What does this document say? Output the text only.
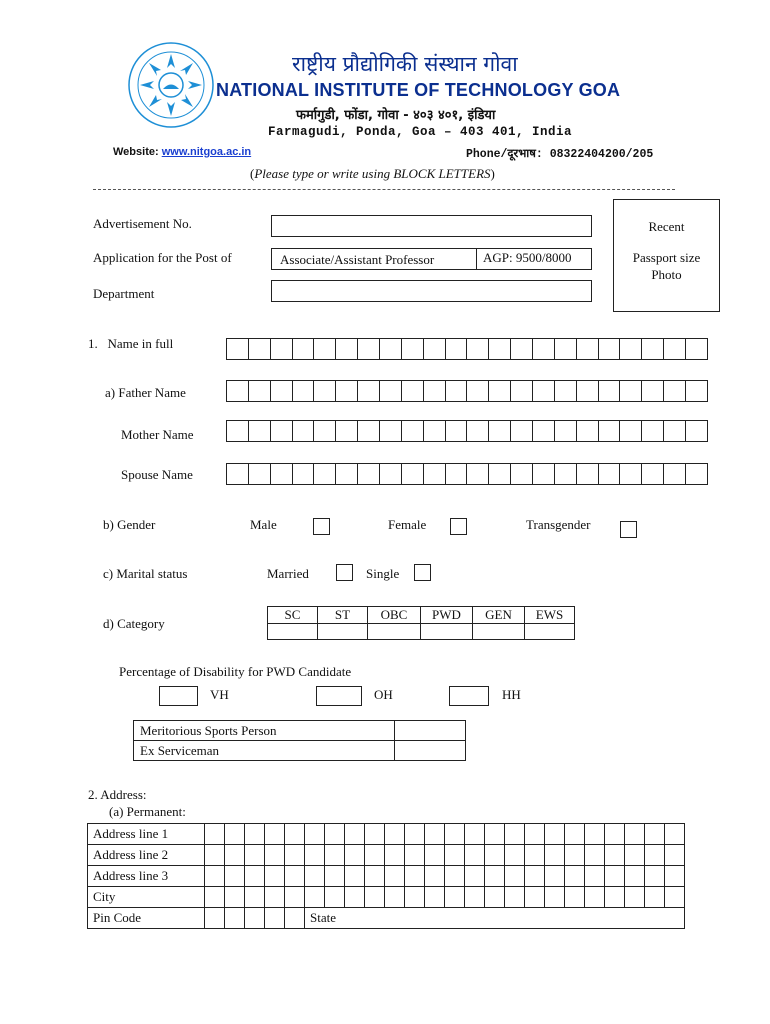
राष्ट्रीय प्रौद्योगिकी संस्थान गोवा
NATIONAL INSTITUTE OF TECHNOLOGY GOA
फर्मागुडी, फोंडा, गोवा - ४०३ ४०१, इंडिया
Farmagudi, Ponda, Goa – 403 401, India
Website: www.nitgoa.ac.in	Phone/दूरभाष: 08322404200/205
(Please type or write using BLOCK LETTERS)
Advertisement No.
Application for the Post of	Associate/Assistant Professor	AGP: 9500/8000
Department
Recent
Passport size
Photo
1.   Name in full
a) Father Name
Mother Name
Spouse Name
b) Gender	Male	Female	Transgender
c) Marital status	Married	Single
d) Category
SC	ST	OBC	PWD	GEN	EWS

Percentage of Disability for PWD Candidate
VH	OH	HH
Meritorious Sports Person	
Ex Serviceman	
2. Address:
(a) Permanent:
Address line 1																								
Address line 2																								
Address line 3																								
City																								
Pin Code						State																		
